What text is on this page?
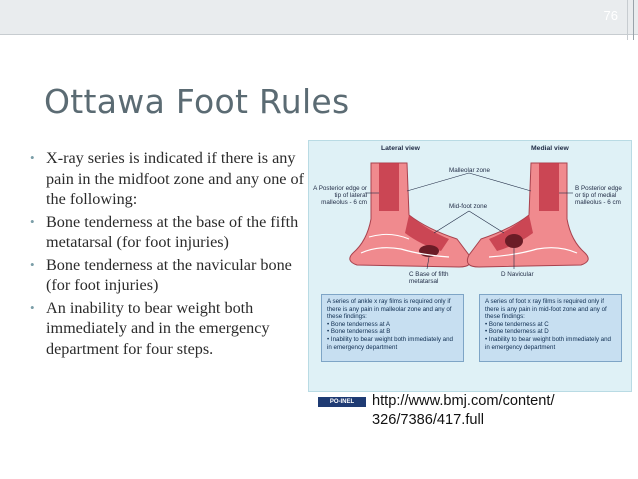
76
Ottawa Foot Rules
• X-ray series is indicated if there is any pain in the midfoot zone and any one of the following:
• Bone tenderness at the base of the fifth metatarsal (for foot injuries)
• Bone tenderness at the navicular bone (for foot injuries)
• An inability to bear weight both immediately and in the emergency department for four steps.
Lateral view	Medial view
Malleolar zone
Mid-foot zone
A Posterior edge or tip of lateral malleolus - 6 cm
B Posterior edge or tip of medial malleolus - 6 cm
C Base of fifth metatarsal
D Navicular
A series of ankle x ray films is required only if there is any pain in malleolar zone and any of these findings:
• Bone tenderness at A
• Bone tenderness at B
• Inability to bear weight both immediately and in emergency department
A series of foot x ray films is required only if there is any pain in mid-foot zone and any of these findings:
• Bone tenderness at C
• Bone tenderness at D
• Inability to bear weight both immediately and in emergency department
PO-INEL	http://www.bmj.com/content/
326/7386/417.full
